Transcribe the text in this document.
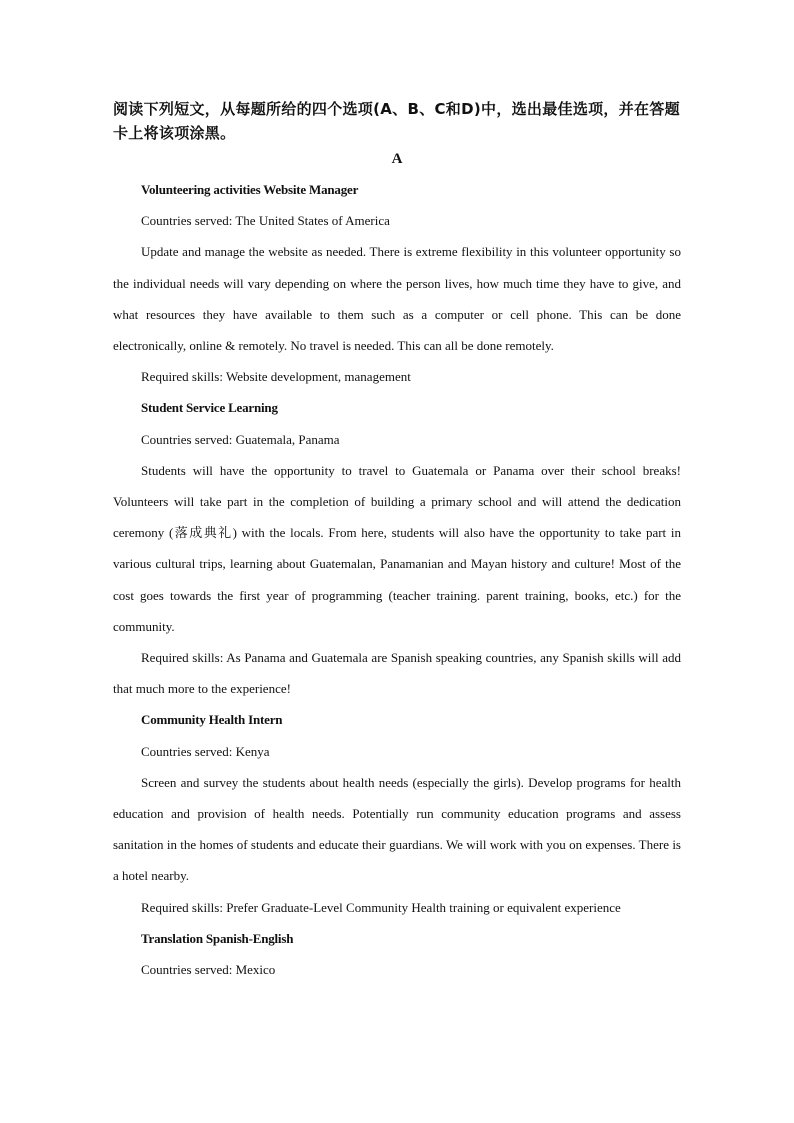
阅读下列短文，从每题所给的四个选项(A、B、C和D)中，选出最佳选项，并在答题卡上将该项涂黑。

A

Volunteering activities Website Manager

Countries served: The United States of America

Update and manage the website as needed. There is extreme flexibility in this volunteer opportunity so the individual needs will vary depending on where the person lives, how much time they have to give, and what resources they have available to them such as a computer or cell phone. This can be done electronically, online & remotely. No travel is needed. This can all be done remotely.

Required skills: Website development, management

Student Service Learning

Countries served: Guatemala, Panama

Students will have the opportunity to travel to Guatemala or Panama over their school breaks! Volunteers will take part in the completion of building a primary school and will attend the dedication ceremony (落成典礼) with the locals. From here, students will also have the opportunity to take part in various cultural trips, learning about Guatemalan, Panamanian and Mayan history and culture! Most of the cost goes towards the first year of programming (teacher training. parent training, books, etc.) for the community.

Required skills: As Panama and Guatemala are Spanish speaking countries, any Spanish skills will add that much more to the experience!

Community Health Intern

Countries served: Kenya

Screen and survey the students about health needs (especially the girls). Develop programs for health education and provision of health needs. Potentially run community education programs and assess sanitation in the homes of students and educate their guardians. We will work with you on expenses. There is a hotel nearby.

Required skills: Prefer Graduate-Level Community Health training or equivalent experience

Translation Spanish-English

Countries served: Mexico
